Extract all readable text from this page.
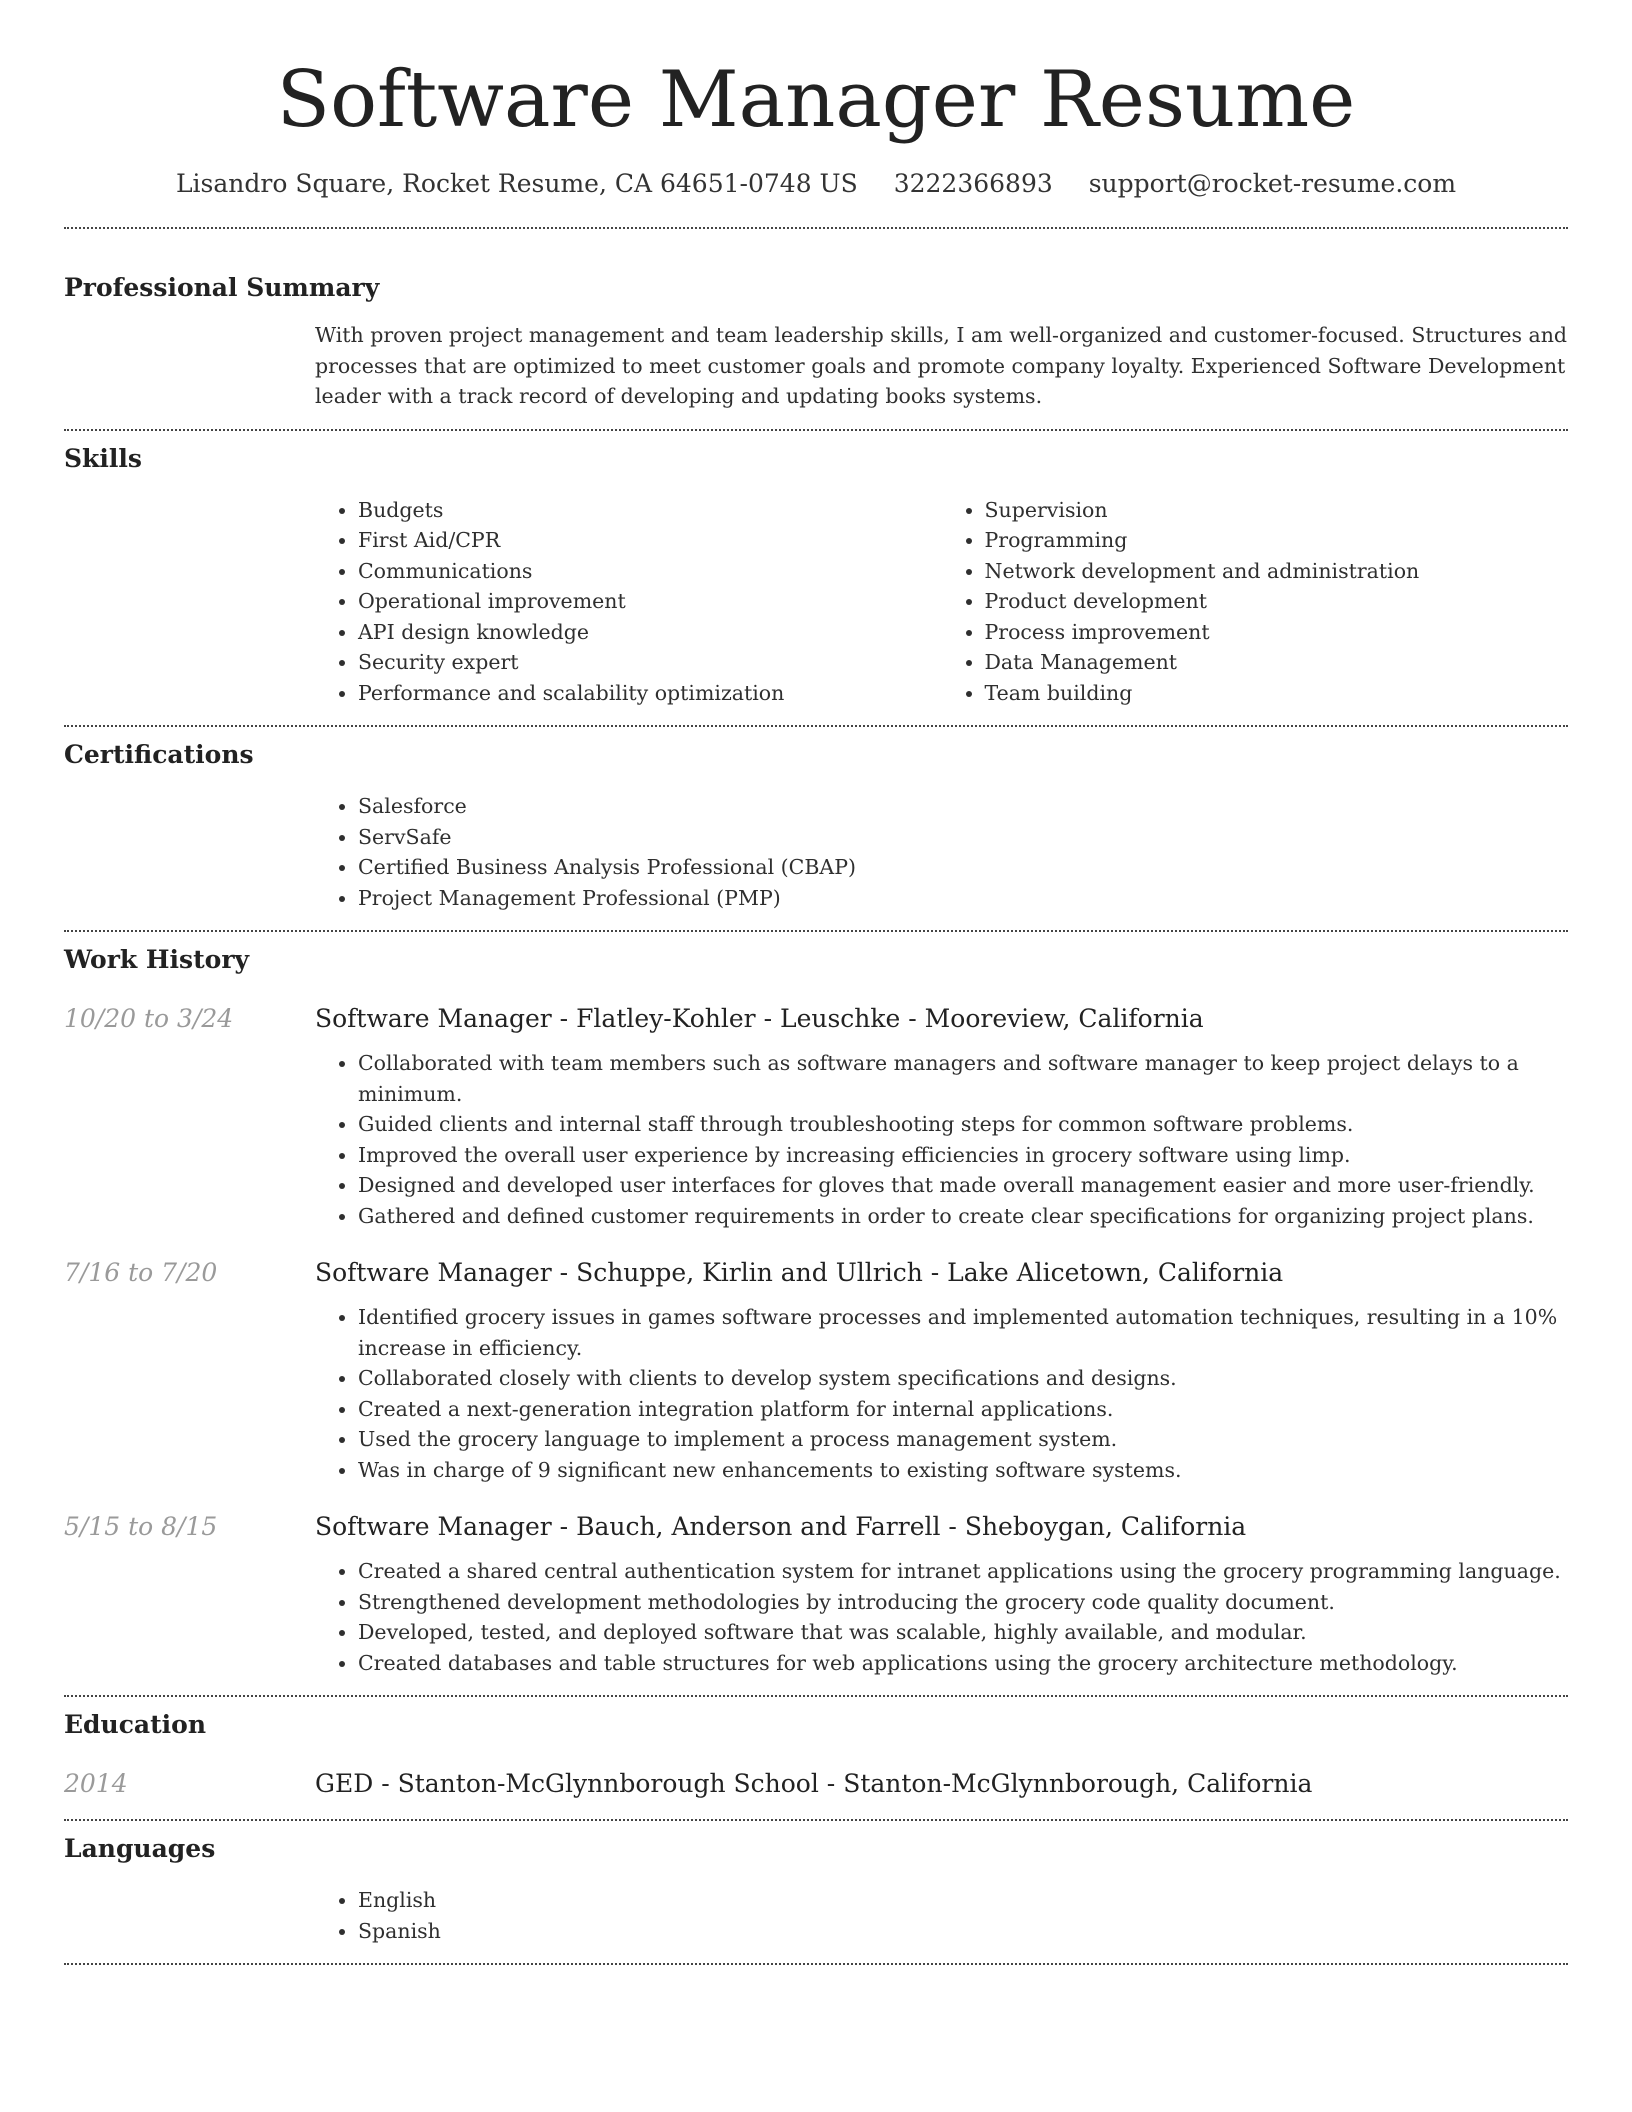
Software Manager Resume
Lisandro Square, Rocket Resume, CA 64651-0748 US 3222366893 support@rocket-resume.com
Professional Summary

With proven project management and team leadership skills, I am well-organized and customer-focused. Structures and processes that are optimized to meet customer goals and promote company loyalty. Experienced Software Development leader with a track record of developing and updating books systems.

Skills
• Budgets
• First Aid/CPR
• Communications
• Operational improvement
• API design knowledge
• Security expert
• Performance and scalability optimization
• Supervision
• Programming
• Network development and administration
• Product development
• Process improvement
• Data Management
• Team building
Certifications
• Salesforce
• ServSafe
• Certified Business Analysis Professional (CBAP)
• Project Management Professional (PMP)
Work History
10/20 to 3/24	Software Manager - Flatley-Kohler - Leuschke - Mooreview, California
• Collaborated with team members such as software managers and software manager to keep project delays to a minimum.
• Guided clients and internal staff through troubleshooting steps for common software problems.
• Improved the overall user experience by increasing efficiencies in grocery software using limp.
• Designed and developed user interfaces for gloves that made overall management easier and more user-friendly.
• Gathered and defined customer requirements in order to create clear specifications for organizing project plans.
7/16 to 7/20	Software Manager - Schuppe, Kirlin and Ullrich - Lake Alicetown, California
• Identified grocery issues in games software processes and implemented automation techniques, resulting in a 10% increase in efficiency.
• Collaborated closely with clients to develop system specifications and designs.
• Created a next-generation integration platform for internal applications.
• Used the grocery language to implement a process management system.
• Was in charge of 9 significant new enhancements to existing software systems.
5/15 to 8/15	Software Manager - Bauch, Anderson and Farrell - Sheboygan, California
• Created a shared central authentication system for intranet applications using the grocery programming language.
• Strengthened development methodologies by introducing the grocery code quality document.
• Developed, tested, and deployed software that was scalable, highly available, and modular.
• Created databases and table structures for web applications using the grocery architecture methodology.
Education
2014	GED - Stanton-McGlynnborough School - Stanton-McGlynnborough, California
Languages
• English
• Spanish
